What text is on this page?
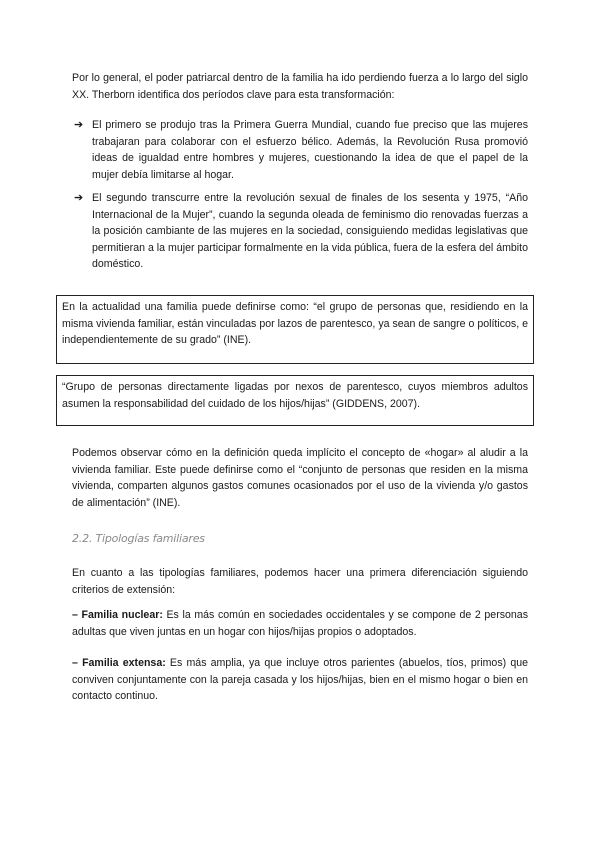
Por lo general, el poder patriarcal dentro de la familia ha ido perdiendo fuerza a lo largo del siglo XX. Therborn identifica dos períodos clave para esta transformación:
➔ El primero se produjo tras la Primera Guerra Mundial, cuando fue preciso que las mujeres trabajaran para colaborar con el esfuerzo bélico. Además, la Revolución Rusa promovió ideas de igualdad entre hombres y mujeres, cuestionando la idea de que el papel de la mujer debía limitarse al hogar.
➔ El segundo transcurre entre la revolución sexual de finales de los sesenta y 1975, “Año Internacional de la Mujer”, cuando la segunda oleada de feminismo dio renovadas fuerzas a la posición cambiante de las mujeres en la sociedad, consiguiendo medidas legislativas que permitieran a la mujer participar formalmente en la vida pública, fuera de la esfera del ámbito doméstico.
En la actualidad una familia puede definirse como: “el grupo de personas que, residiendo en la misma vivienda familiar, están vinculadas por lazos de parentesco, ya sean de sangre o políticos, e independientemente de su grado” (INE).
“Grupo de personas directamente ligadas por nexos de parentesco, cuyos miembros adultos asumen la responsabilidad del cuidado de los hijos/hijas” (GIDDENS, 2007).
Podemos observar cómo en la definición queda implícito el concepto de «hogar» al aludir a la vivienda familiar. Este puede definirse como el “conjunto de personas que residen en la misma vivienda, comparten algunos gastos comunes ocasionados por el uso de la vivienda y/o gastos de alimentación” (INE).
2.2. Tipologías familiares
En cuanto a las tipologías familiares, podemos hacer una primera diferenciación siguiendo criterios de extensión:
– Familia nuclear: Es la más común en sociedades occidentales y se compone de 2 personas adultas que viven juntas en un hogar con hijos/hijas propios o adoptados.
– Familia extensa: Es más amplia, ya que incluye otros parientes (abuelos, tíos, primos) que conviven conjuntamente con la pareja casada y los hijos/hijas, bien en el mismo hogar o bien en contacto continuo.
